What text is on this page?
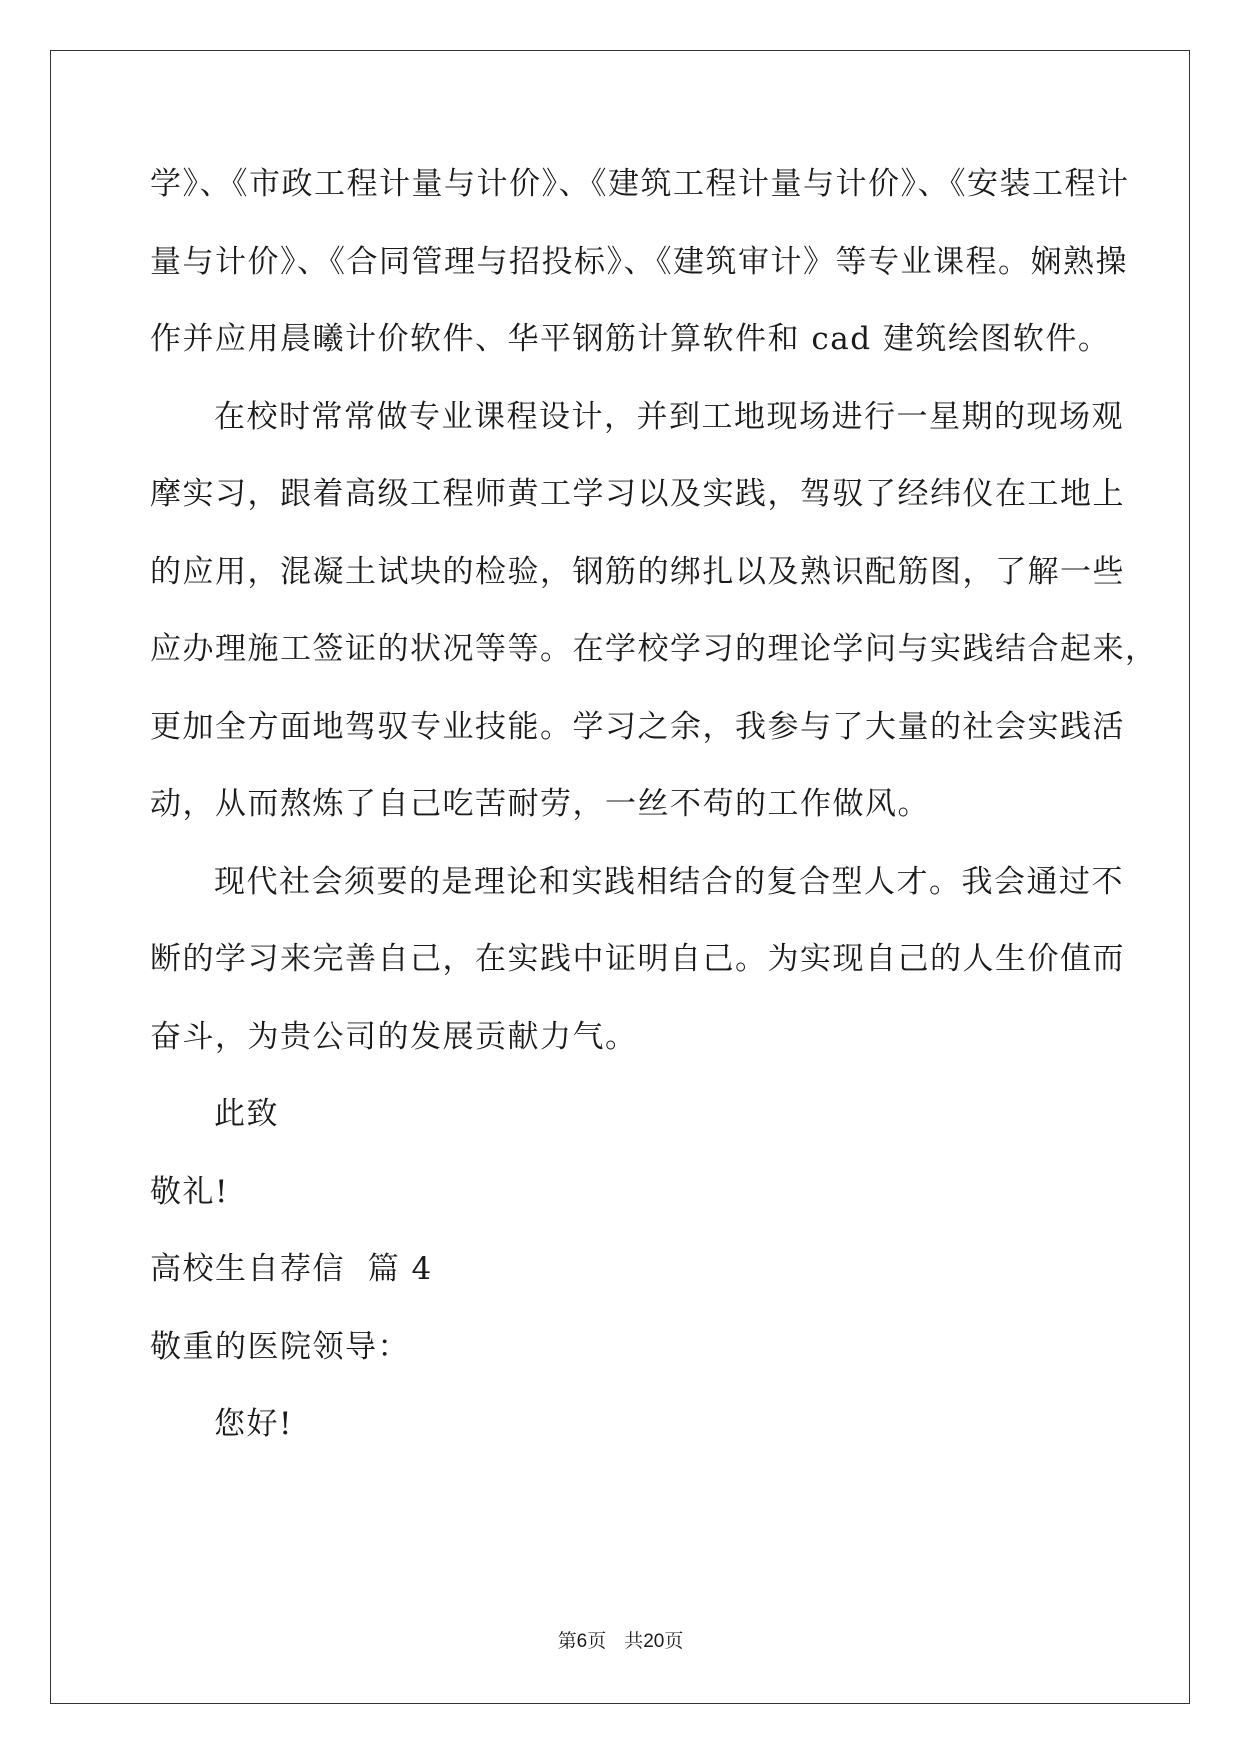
学》、《市政工程计量与计价》、《建筑工程计量与计价》、《安装工程计
量与计价》、《合同管理与招投标》、《建筑审计》等专业课程。娴熟操
作并应用晨曦计价软件、华平钢筋计算软件和 cad 建筑绘图软件。
在校时常常做专业课程设计，并到工地现场进行一星期的现场观
摩实习，跟着高级工程师黄工学习以及实践，驾驭了经纬仪在工地上
的应用，混凝土试块的检验，钢筋的绑扎以及熟识配筋图，了解一些
应办理施工签证的状况等等。在学校学习的理论学问与实践结合起来，
更加全方面地驾驭专业技能。学习之余，我参与了大量的社会实践活
动，从而熬炼了自己吃苦耐劳，一丝不苟的工作做风。
现代社会须要的是理论和实践相结合的复合型人才。我会通过不
断的学习来完善自己，在实践中证明自己。为实现自己的人生价值而
奋斗，为贵公司的发展贡献力气。
此致
敬礼!
高校生自荐信  篇 4
敬重的医院领导：
您好!
第6页 共20页
